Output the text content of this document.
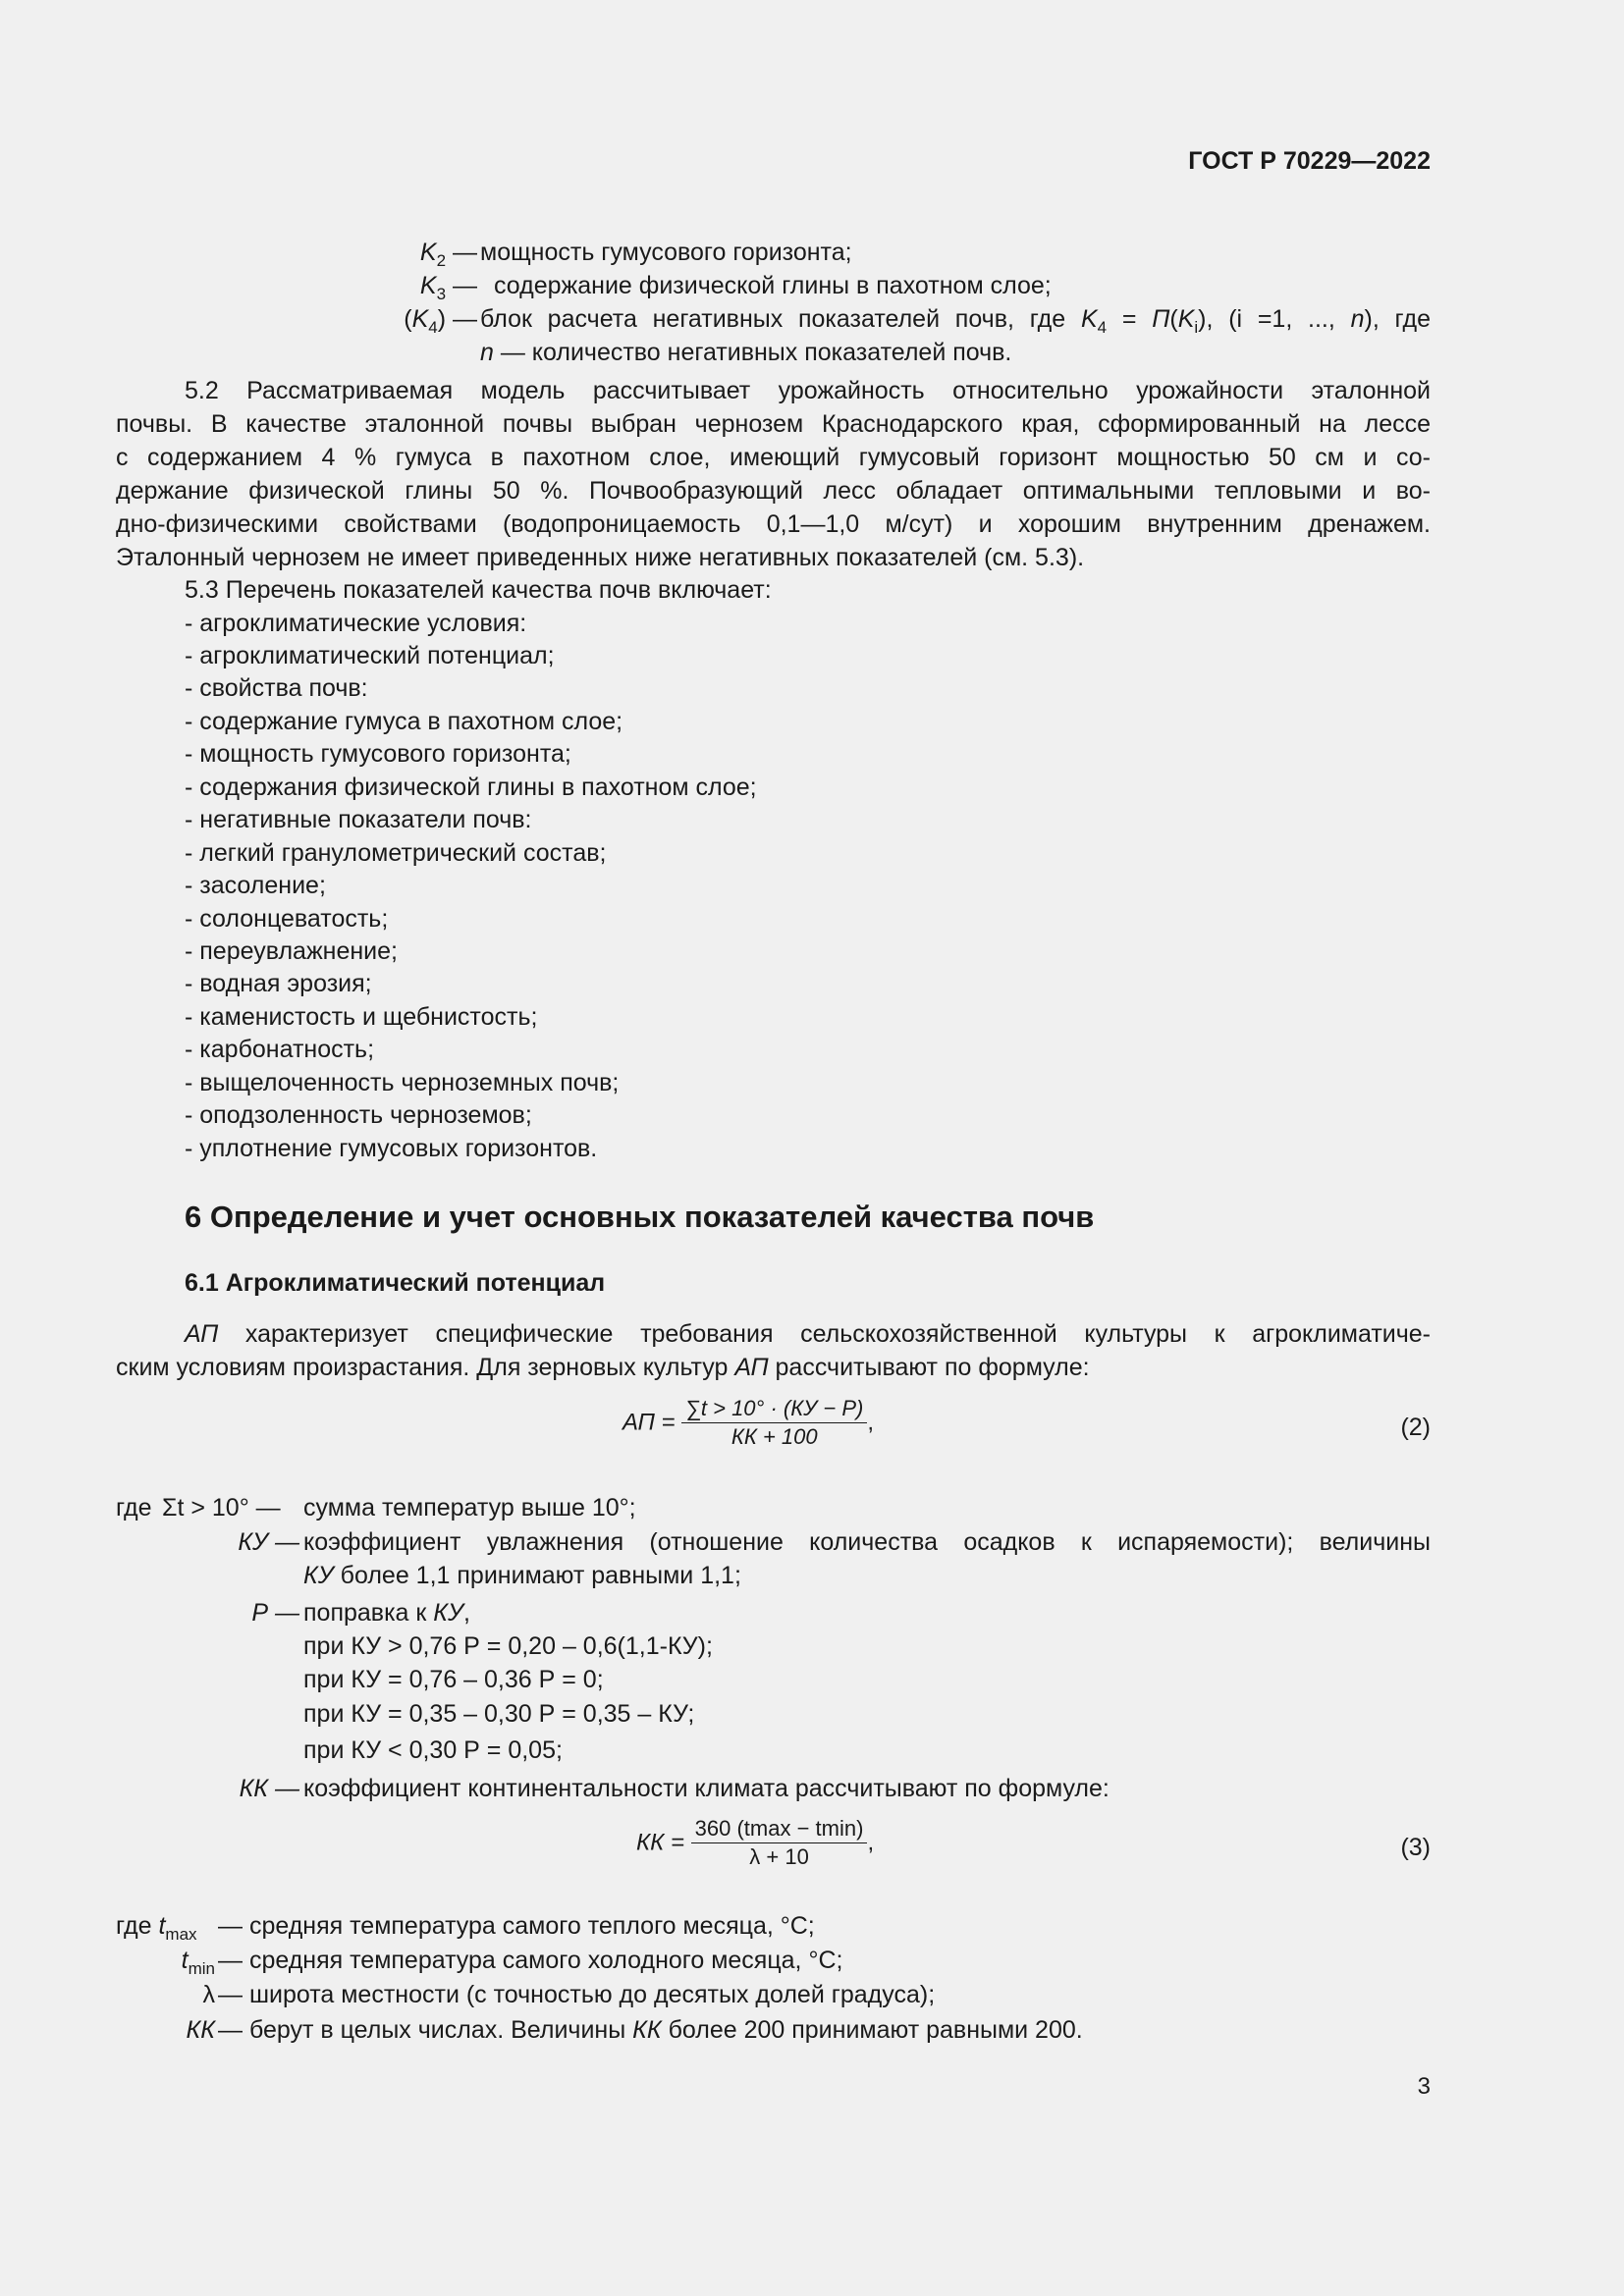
ГОСТ Р 70229—2022
$K_2$ — мощность гумусового горизонта;
$K_3$ — содержание физической глины в пахотном слое;
$(K_4)$ — блок расчета негативных показателей почв, где $K_4 = П(K_i)$, (i =1, ..., n), где
n — количество негативных показателей почв.
5.2 Рассматриваемая модель рассчитывает урожайность относительно урожайности эталонной
почвы. В качестве эталонной почвы выбран чернозем Краснодарского края, сформированный на лессе
с содержанием 4 % гумуса в пахотном слое, имеющий гумусовый горизонт мощностью 50 см и со-
держание физической глины 50 %. Почвообразующий лесс обладает оптимальными тепловыми и во-
дно-физическими свойствами (водопроницаемость 0,1—1,0 м/сут) и хорошим внутренним дренажем.
Эталонный чернозем не имеет приведенных ниже негативных показателей (см. 5.3).
5.3 Перечень показателей качества почв включает:
- агроклиматические условия:
- агроклиматический потенциал;
- свойства почв:
- содержание гумуса в пахотном слое;
- мощность гумусового горизонта;
- содержания физической глины в пахотном слое;
- негативные показатели почв:
- легкий гранулометрический состав;
- засоление;
- солонцеватость;
- переувлажнение;
- водная эрозия;
- каменистость и щебнистость;
- карбонатность;
- выщелоченность черноземных почв;
- оподзоленность черноземов;
- уплотнение гумусовых горизонтов.
6 Определение и учет основных показателей качества почв
6.1 Агроклиматический потенциал
АП характеризует специфические требования сельскохозяйственной культуры к агроклиматиче-
ским условиям произрастания. Для зерновых культур АП рассчитывают по формуле:
АП = $\frac{\sum t > 10^\circ \cdot (КУ - Р)}{КК + 100}$ ,	(2)
где Σt > 10° — сумма температур выше 10°;
КУ — коэффициент увлажнения (отношение количества осадков к испаряемости); величины
КУ более 1,1 принимают равными 1,1;
Р — поправка к КУ,
при КУ > 0,76 Р = 0,20 – 0,6(1,1-КУ);
при КУ = 0,76 – 0,36 Р = 0;
при КУ = 0,35 – 0,30 Р = 0,35 – КУ;
при КУ < 0,30 Р = 0,05;
КК — коэффициент континентальности климата рассчитывают по формуле:
КК = $\frac{360 (tmax - tmin)}{\lambda + 10}$ ,	(3)
где $t_{max}$ — средняя температура самого теплого месяца, °С;
$t_{min}$ — средняя температура самого холодного месяца, °С;
λ — широта местности (с точностью до десятых долей градуса);
КК — берут в целых числах. Величины КК более 200 принимают равными 200.
3
